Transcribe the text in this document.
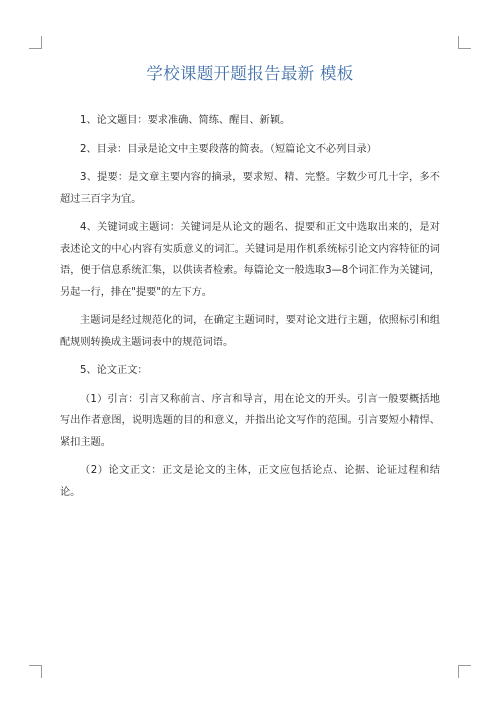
学校课题开题报告最新 模板

1、论文题目：要求准确、简练、醒目、新颖。

2、目录：目录是论文中主要段落的简表。（短篇论文不必列目录）

3、提要：是文章主要内容的摘录，要求短、精、完整。字数少可几十字，多不超过三百字为宜。

4、关键词或主题词：关键词是从论文的题名、提要和正文中选取出来的，是对表述论文的中心内容有实质意义的词汇。关键词是用作机系统标引论文内容特征的词语，便于信息系统汇集，以供读者检索。每篇论文一般选取3—8个词汇作为关键词，另起一行，排在"提要"的左下方。

主题词是经过规范化的词，在确定主题词时，要对论文进行主题，依照标引和组配规则转换成主题词表中的规范词语。

5、论文正文：

（1）引言：引言又称前言、序言和导言，用在论文的开头。引言一般要概括地写出作者意图，说明选题的目的和意义，并指出论文写作的范围。引言要短小精悍、紧扣主题。

（2）论文正文：正文是论文的主体，正文应包括论点、论据、论证过程和结论。
